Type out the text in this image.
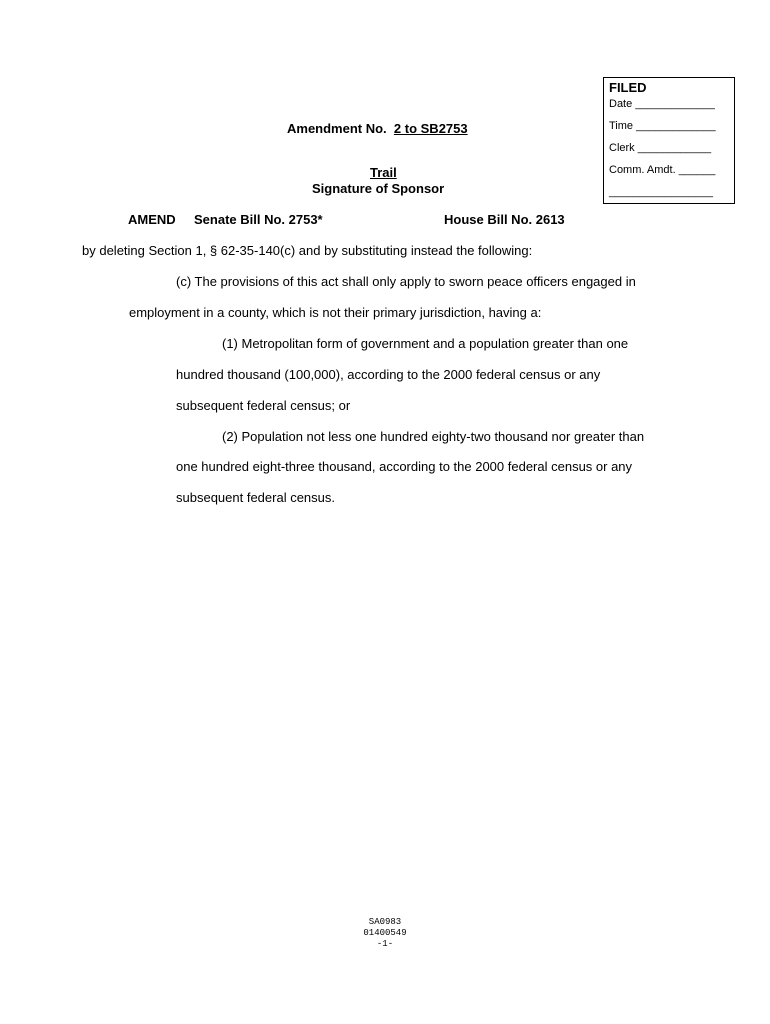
FILED
Date _____________
Time _____________
Clerk ____________
Comm. Amdt. ______
_________________
Amendment No. 2 to SB2753
Trail
Signature of Sponsor
AMEND Senate Bill No. 2753*	House Bill No. 2613
by deleting Section 1, § 62-35-140(c) and by substituting instead the following:
(c) The provisions of this act shall only apply to sworn peace officers engaged in
employment in a county, which is not their primary jurisdiction, having a:
(1) Metropolitan form of government and a population greater than one
hundred thousand (100,000), according to the 2000 federal census or any
subsequent federal census; or
(2) Population not less one hundred eighty-two thousand nor greater than
one hundred eight-three thousand, according to the 2000 federal census or any
subsequent federal census.
SA0983
01400549
-1-
